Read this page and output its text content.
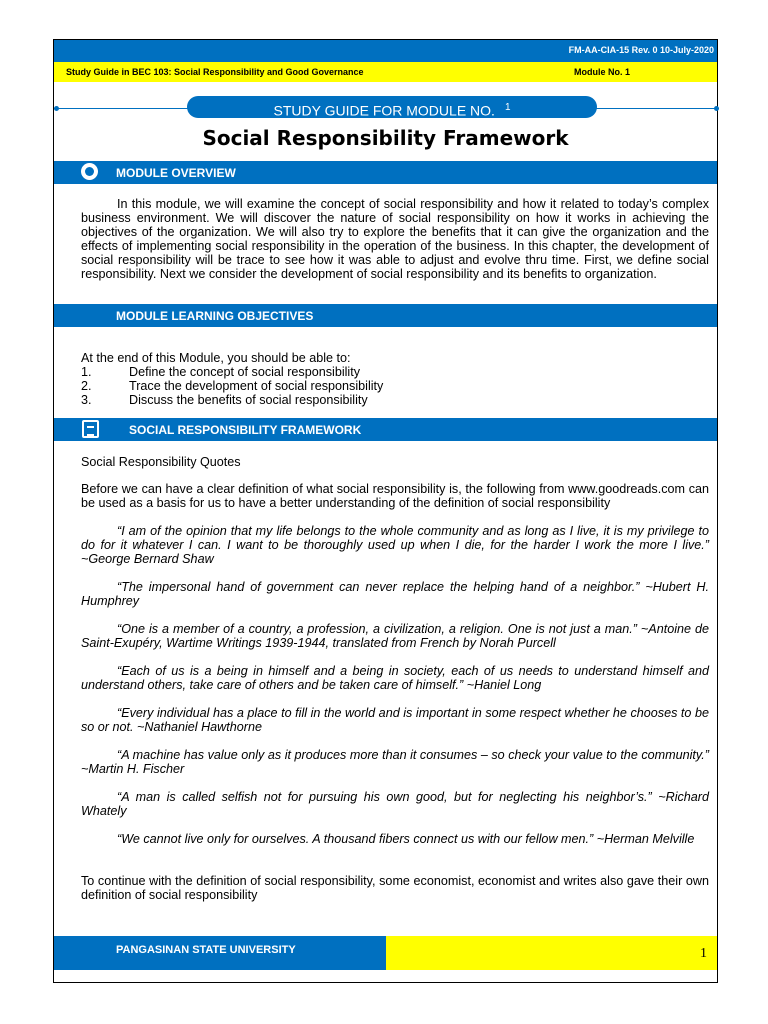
FM-AA-CIA-15 Rev. 0 10-July-2020
Study Guide in BEC 103: Social Responsibility and Good Governance	Module No. 1
STUDY GUIDE FOR MODULE NO. $^1$
Social Responsibility Framework
MODULE OVERVIEW

In this module, we will examine the concept of social responsibility and how it related to today’s complex business environment. We will discover the nature of social responsibility on how it works in achieving the objectives of the organization. We will also try to explore the benefits that it can give the organization and the effects of implementing social responsibility in the operation of the business. In this chapter, the development of social responsibility will be trace to see how it was able to adjust and evolve thru time. First, we define social responsibility. Next we consider the development of social responsibility and its benefits to organization.

MODULE LEARNING OBJECTIVES

At the end of this Module, you should be able to:

1.	Define the concept of social responsibility
2.	Trace the development of social responsibility
3.	Discuss the benefits of social responsibility
SOCIAL RESPONSIBILITY FRAMEWORK

Social Responsibility Quotes

Before we can have a clear definition of what social responsibility is, the following from www.goodreads.com can be used as a basis for us to have a better understanding of the definition of social responsibility

“I am of the opinion that my life belongs to the whole community and as long as I live, it is my privilege to do for it whatever I can. I want to be thoroughly used up when I die, for the harder I work the more I live.” ~George Bernard Shaw

“The impersonal hand of government can never replace the helping hand of a neighbor.” ~Hubert H. Humphrey

“One is a member of a country, a profession, a civilization, a religion. One is not just a man.” ~Antoine de Saint-Exupéry, Wartime Writings 1939-1944, translated from French by Norah Purcell

“Each of us is a being in himself and a being in society, each of us needs to understand himself and understand others, take care of others and be taken care of himself.” ~Haniel Long

“Every individual has a place to fill in the world and is important in some respect whether he chooses to be so or not. ~Nathaniel Hawthorne

“A machine has value only as it produces more than it consumes – so check your value to the community.” ~Martin H. Fischer

“A man is called selfish not for pursuing his own good, but for neglecting his neighbor’s.” ~Richard Whately

“We cannot live only for ourselves. A thousand fibers connect us with our fellow men.” ~Herman Melville

To continue with the definition of social responsibility, some economist, economist and writes also gave their own definition of social responsibility

PANGASINAN STATE UNIVERSITY	1
